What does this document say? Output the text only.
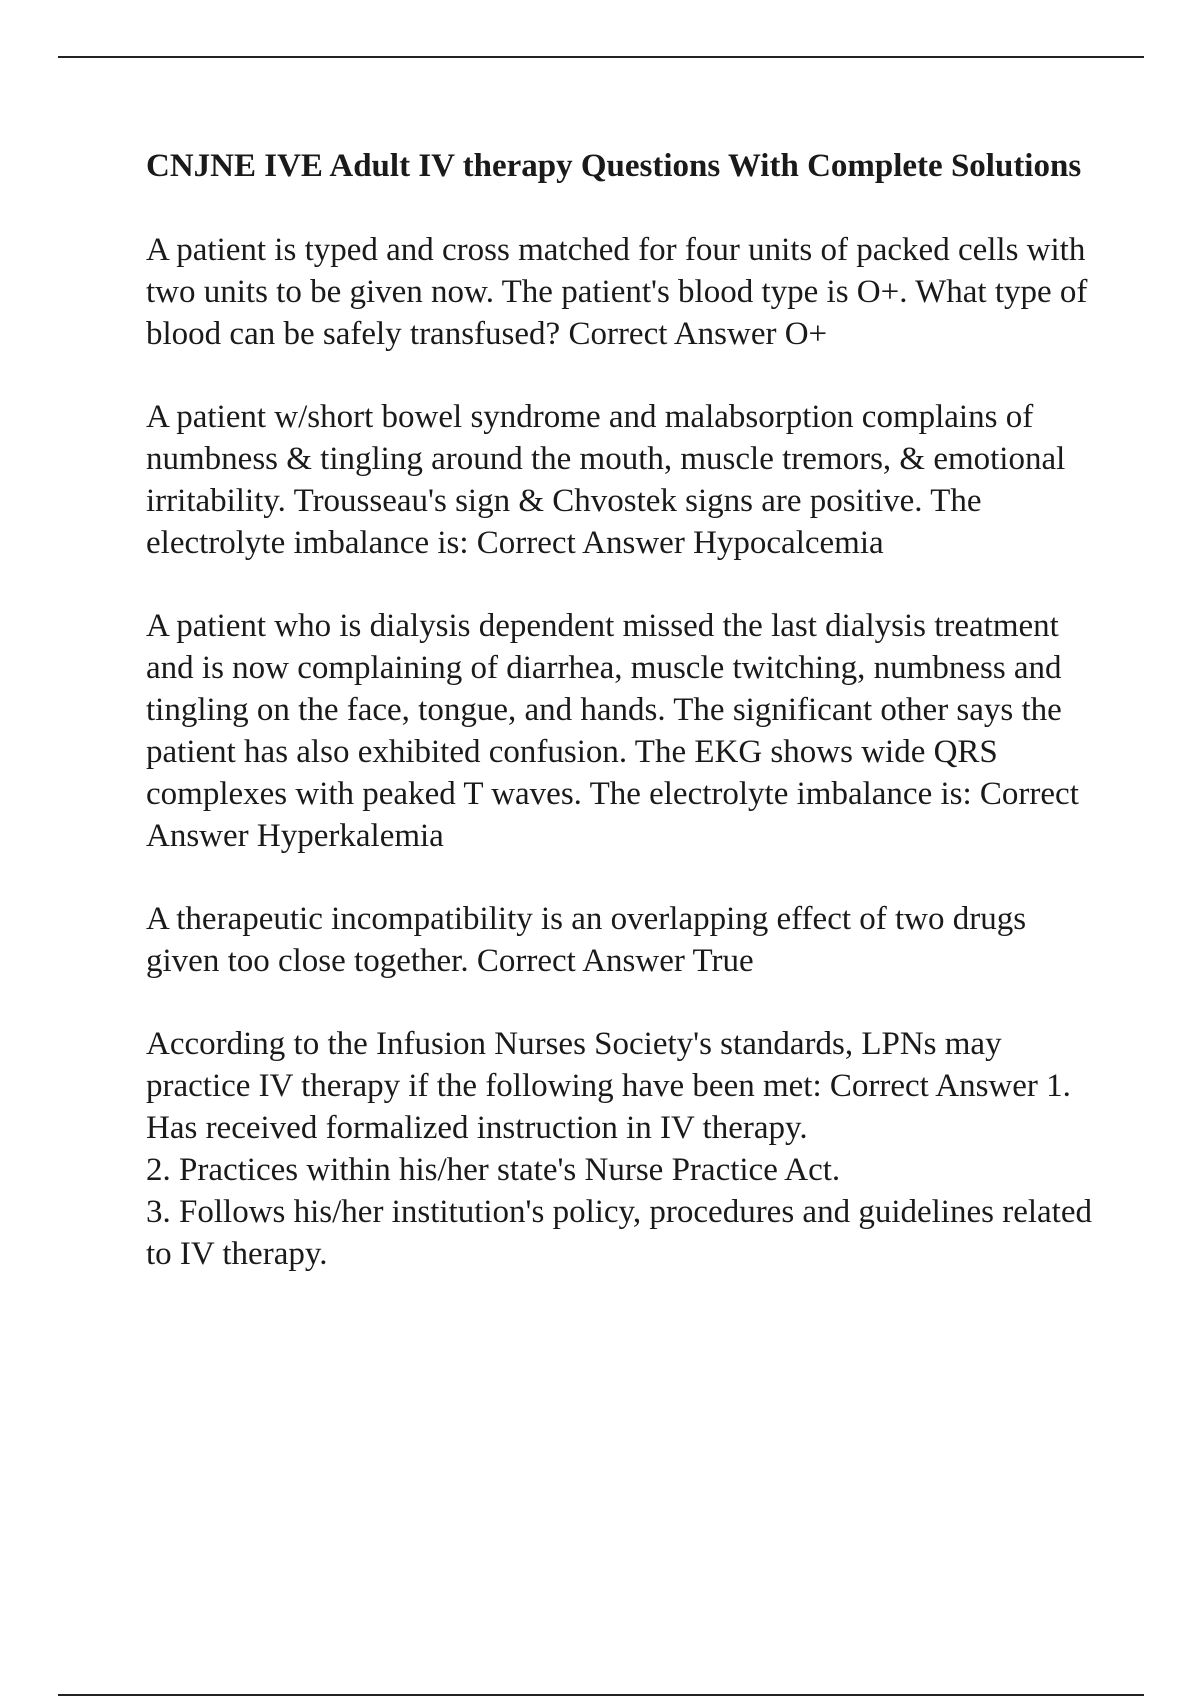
CNJNE IVE Adult IV therapy Questions With Complete Solutions
A patient is typed and cross matched for four units of packed cells with two units to be given now. The patient's blood type is O+. What type of blood can be safely transfused? Correct Answer O+
A patient w/short bowel syndrome and malabsorption complains of numbness & tingling around the mouth, muscle tremors, & emotional irritability. Trousseau's sign & Chvostek signs are positive. The electrolyte imbalance is: Correct Answer Hypocalcemia
A patient who is dialysis dependent missed the last dialysis treatment and is now complaining of diarrhea, muscle twitching, numbness and tingling on the face, tongue, and hands. The significant other says the patient has also exhibited confusion. The EKG shows wide QRS complexes with peaked T waves. The electrolyte imbalance is: Correct Answer Hyperkalemia
A therapeutic incompatibility is an overlapping effect of two drugs given too close together. Correct Answer True
According to the Infusion Nurses Society's standards, LPNs may practice IV therapy if the following have been met: Correct Answer 1. Has received formalized instruction in IV therapy.
2. Practices within his/her state's Nurse Practice Act.
3. Follows his/her institution's policy, procedures and guidelines related to IV therapy.
